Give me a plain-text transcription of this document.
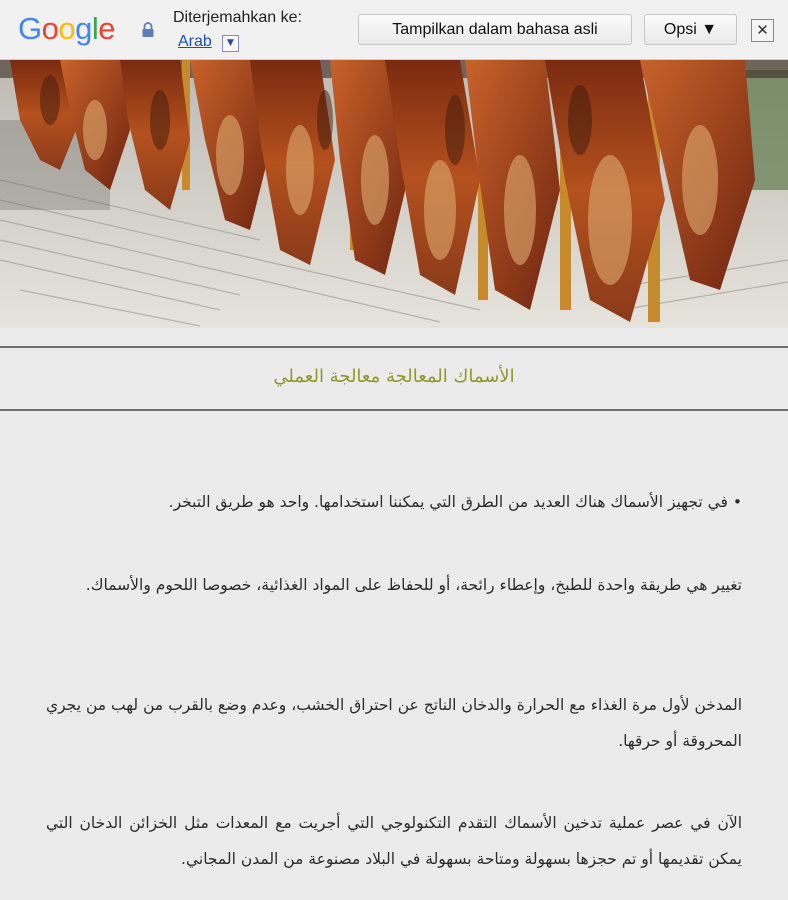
Google	Diterjemahkan ke:
Arab	▼
Tampilkan dalam bahasa asli	Opsi ▼	✕
الأسماك المعالجة معالجة العملي
• في تجهيز الأسماك هناك العديد من الطرق التي يمكننا استخدامها. واحد هو طريق التبخر.
تغيير هي طريقة واحدة للطبخ، وإعطاء رائحة، أو للحفاظ على المواد الغذائية، خصوصا اللحوم والأسماك.
المدخن لأول مرة الغذاء مع الحرارة والدخان الناتج عن احتراق الخشب، وعدم وضع بالقرب من لهب من يجري المحروقة أو حرقها.
الآن في عصر عملية تدخين الأسماك التقدم التكنولوجي التي أجريت مع المعدات مثل الخزائن الدخان التي يمكن تقديمها أو تم حجزها بسهولة ومتاحة بسهولة في البلاد مصنوعة من المدن المجاني.
